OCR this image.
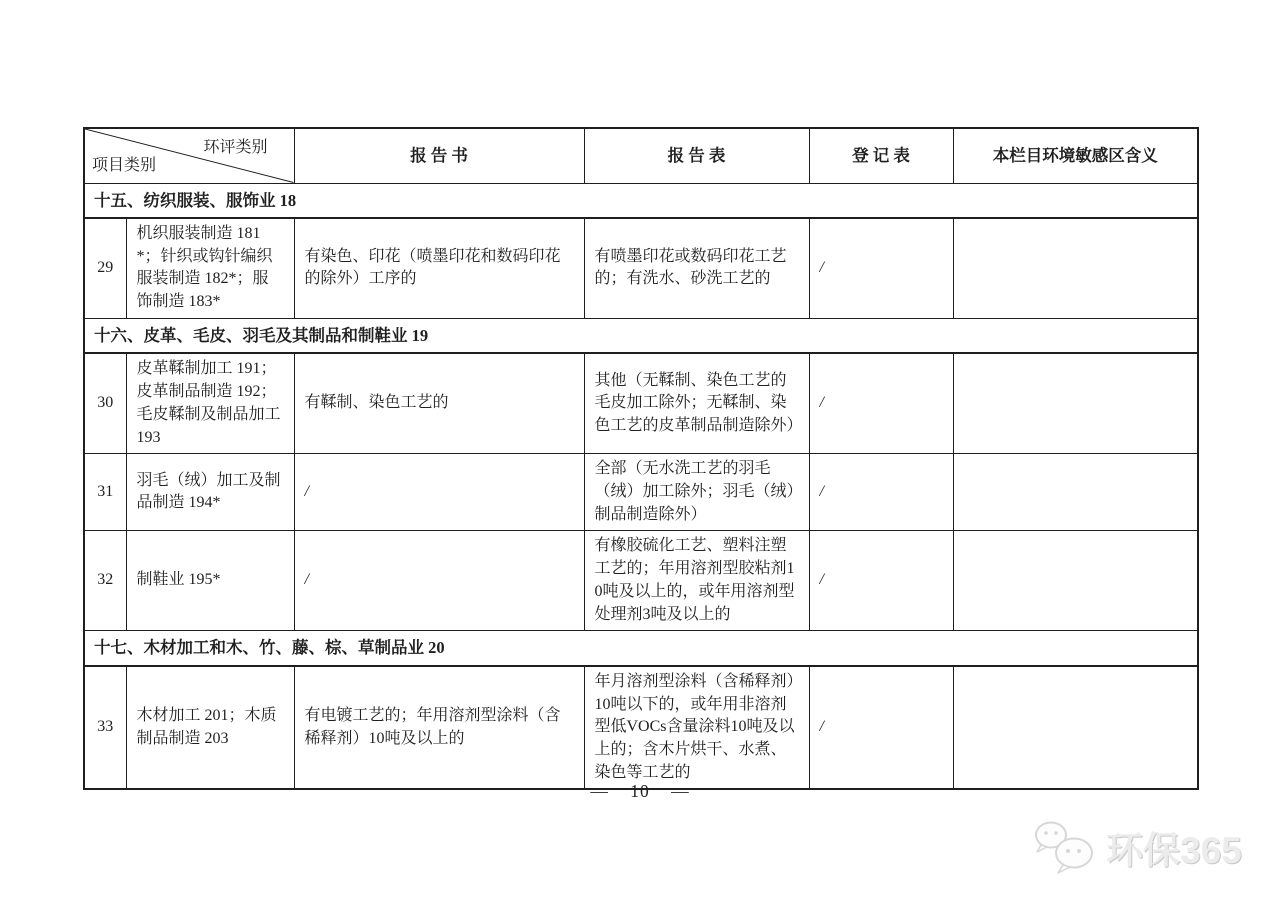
环评类别
项目类别		报 告 书	报 告 表	登 记 表	本栏目环境敏感区含义
十五、纺织服装、服饰业 18					
29	机织服装制造 181*；针织或钩针编织服装制造 182*；服饰制造 183*	有染色、印花（喷墨印花和数码印花的除外）工序的	有喷墨印花或数码印花工艺的；有洗水、砂洗工艺的	/	
十六、皮革、毛皮、羽毛及其制品和制鞋业 19					
30	皮革鞣制加工 191；皮革制品制造 192；毛皮鞣制及制品加工 193	有鞣制、染色工艺的	其他（无鞣制、染色工艺的毛皮加工除外；无鞣制、染色工艺的皮革制品制造除外）	/	
31	羽毛（绒）加工及制品制造 194*	/	全部（无水洗工艺的羽毛（绒）加工除外；羽毛（绒）制品制造除外）	/	
32	制鞋业 195*	/	有橡胶硫化工艺、塑料注塑工艺的；年用溶剂型胶粘剂10吨及以上的，或年用溶剂型处理剂3吨及以上的	/	
十七、木材加工和木、竹、藤、棕、草制品业 20					
33	木材加工 201；木质制品制造 203	有电镀工艺的；年用溶剂型涂料（含稀释剂）10吨及以上的	年月溶剂型涂料（含稀释剂）10吨以下的，或年用非溶剂型低VOCs含量涂料10吨及以上的；含木片烘干、水煮、染色等工艺的	/	
— 10 —
环保365
